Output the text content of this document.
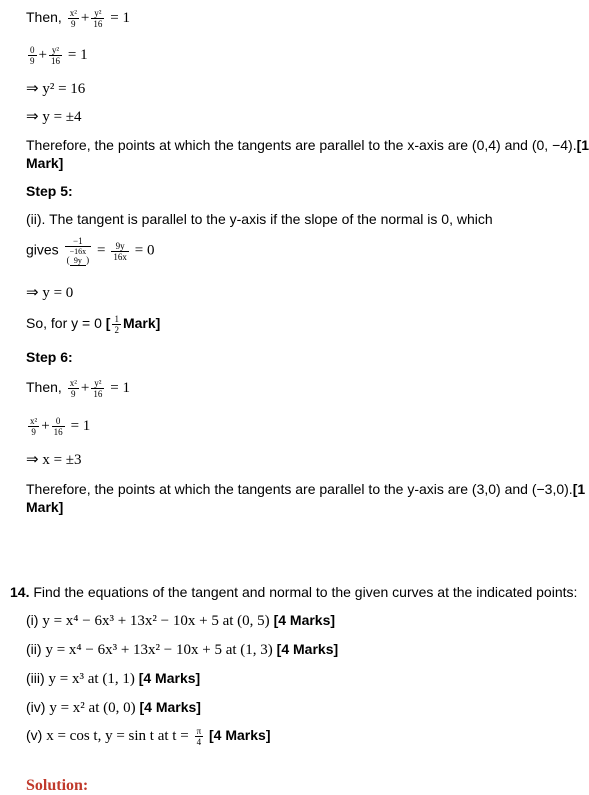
Then, $\frac{\text{x²}}{9} + \frac{\text{y²}}{16} = 1$
$\frac{0}{9} + \frac{\text{y²}}{16} = 1$
⇒ y² = 16
⇒ y = ±4
Therefore, the points at which the tangents are parallel to the x-axis are (0,4) and (0, −4).[1
Mark]
Step 5:
(ii). The tangent is parallel to the y-axis if the slope of the normal is 0, which
gives
−1
(−16x
9y )
= $\frac{9y}{16x} = 0$
⇒ y = 0
So, for y = 0 [ $\frac{1}{2}$ Mark]
Step 6:
Then, $\frac{\text{x²}}{9} + \frac{\text{y²}}{16} = 1$
$\frac{\text{x²}}{9} + \frac{0}{16} = 1$
⇒ x = ±3
Therefore, the points at which the tangents are parallel to the y-axis are (3,0) and (−3,0).[1
Mark]
14. Find the equations of the tangent and normal to the given curves at the indicated points:
(i) y = x⁴ − 6x³ + 13x² − 10x + 5 at (0, 5) [4 Marks]
(ii) y = x⁴ − 6x³ + 13x² − 10x + 5 at (1, 3) [4 Marks]
(iii) y = x³ at (1, 1) [4 Marks]
(iv) y = x² at (0, 0) [4 Marks]
(v) x = cos t, y = sin t at $t = \frac{\pi}{4} [4$ Marks]
Solution:
